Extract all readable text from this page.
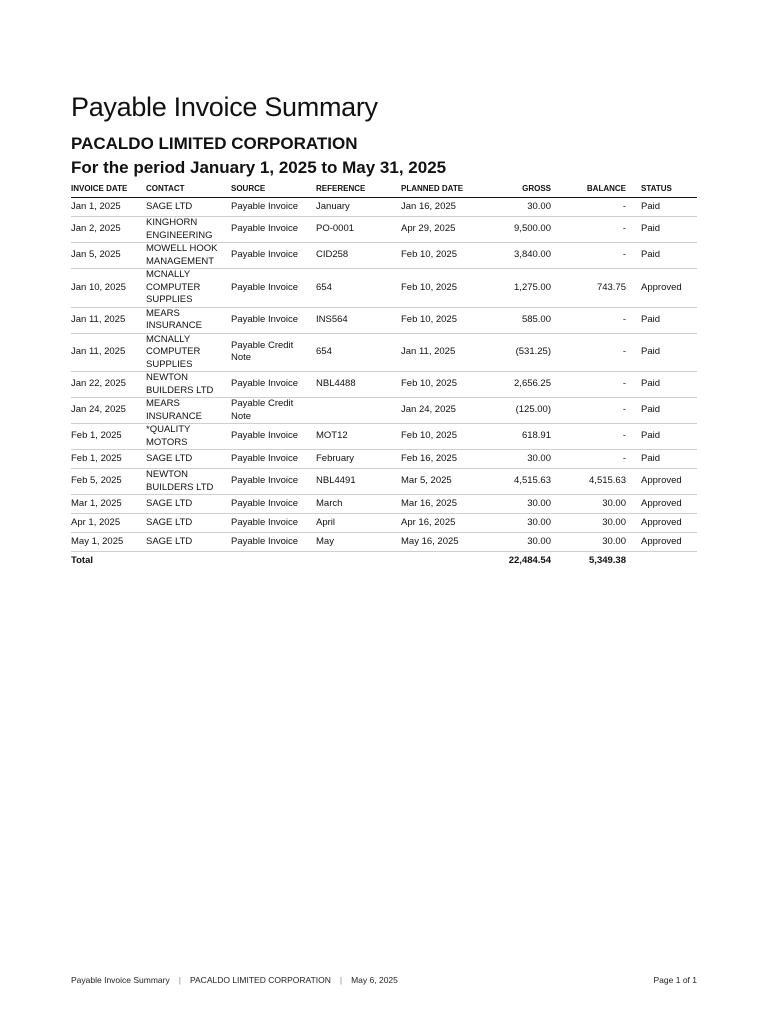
Payable Invoice Summary
PACALDO LIMITED CORPORATION
For the period January 1, 2025 to May 31, 2025
INVOICE DATE	CONTACT	SOURCE	REFERENCE	PLANNED DATE	GROSS	BALANCE	STATUS
Jan 1, 2025	SAGE LTD	Payable Invoice	January	Jan 16, 2025	30.00	-	Paid
Jan 2, 2025	KINGHORN ENGINEERING	Payable Invoice	PO-0001	Apr 29, 2025	9,500.00	-	Paid
Jan 5, 2025	MOWELL HOOK MANAGEMENT	Payable Invoice	CID258	Feb 10, 2025	3,840.00	-	Paid
Jan 10, 2025	MCNALLY COMPUTER SUPPLIES	Payable Invoice	654	Feb 10, 2025	1,275.00	743.75	Approved
Jan 11, 2025	MEARS INSURANCE	Payable Invoice	INS564	Feb 10, 2025	585.00	-	Paid
Jan 11, 2025	MCNALLY COMPUTER SUPPLIES	Payable Credit Note	654	Jan 11, 2025	(531.25)	-	Paid
Jan 22, 2025	NEWTON BUILDERS LTD	Payable Invoice	NBL4488	Feb 10, 2025	2,656.25	-	Paid
Jan 24, 2025	MEARS INSURANCE	Payable Credit Note		Jan 24, 2025	(125.00)	-	Paid
Feb 1, 2025	*QUALITY MOTORS	Payable Invoice	MOT12	Feb 10, 2025	618.91	-	Paid
Feb 1, 2025	SAGE LTD	Payable Invoice	February	Feb 16, 2025	30.00	-	Paid
Feb 5, 2025	NEWTON BUILDERS LTD	Payable Invoice	NBL4491	Mar 5, 2025	4,515.63	4,515.63	Approved
Mar 1, 2025	SAGE LTD	Payable Invoice	March	Mar 16, 2025	30.00	30.00	Approved
Apr 1, 2025	SAGE LTD	Payable Invoice	April	Apr 16, 2025	30.00	30.00	Approved
May 1, 2025	SAGE LTD	Payable Invoice	May	May 16, 2025	30.00	30.00	Approved
Total					22,484.54	5,349.38	
Payable Invoice Summary | PACALDO LIMITED CORPORATION | May 6, 2025	Page 1 of 1
